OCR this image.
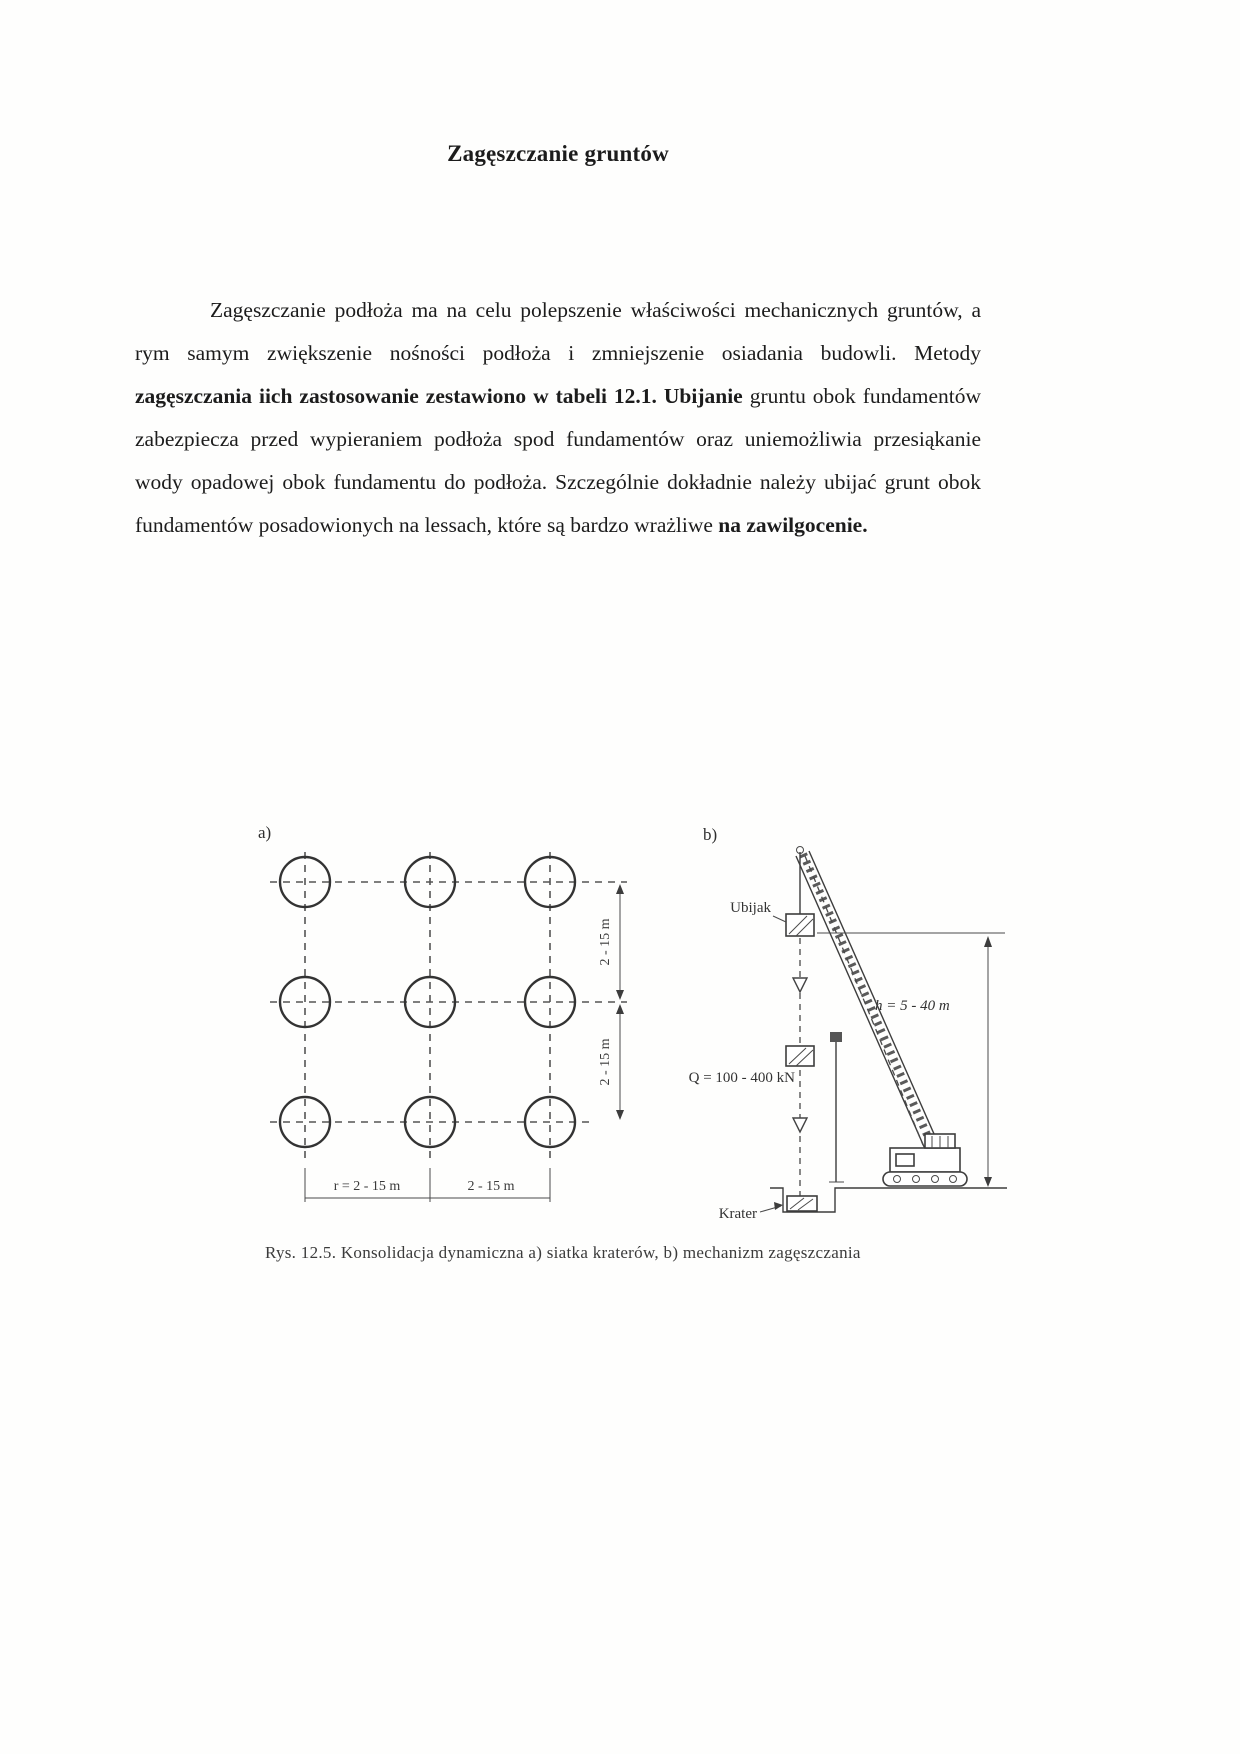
Zagęszczanie gruntów

Zagęszczanie podłoża ma na celu polepszenie właściwości mechanicznych gruntów, a rym samym zwiększenie nośności podłoża i zmniejszenie osiadania budowli. Metody zagęszczania iich zastosowanie zestawiono w tabeli 12.1. Ubijanie gruntu obok fundamentów zabezpiecza przed wypieraniem podłoża spod fundamentów oraz uniemożliwia przesiąkanie wody opadowej obok fundamentu do podłoża. Szczególnie dokładnie należy ubijać grunt obok fundamentów posadowionych na lessach, które są bardzo wrażliwe na zawilgocenie.

a)
2 - 15 m
2 - 15 m
r = 2 - 15 m	2 - 15 m
b)
Ubijak
Q = 100 - 400 kN
Krater
h = 5 - 40 m
Rys. 12.5. Konsolidacja dynamiczna a) siatka kraterów, b) mechanizm zagęszczania
